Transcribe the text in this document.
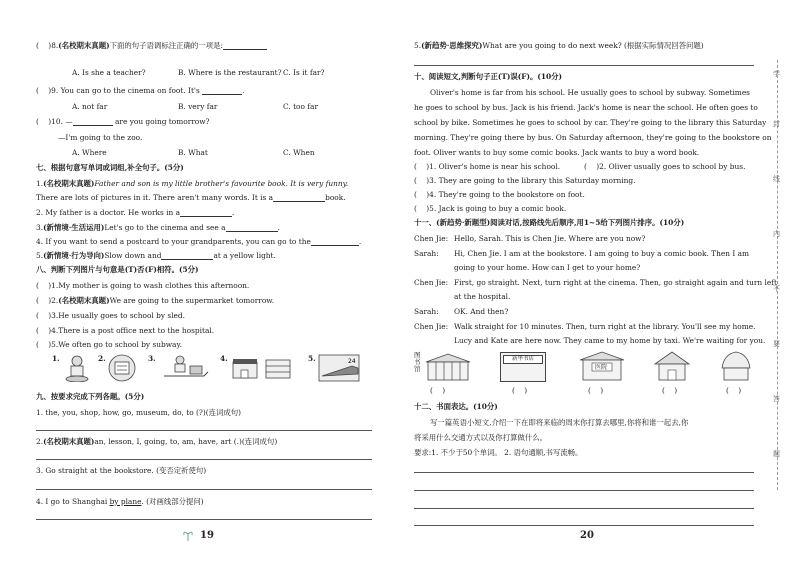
( )8.(名校期末真题)下面的句子语调标注正确的一项是:
A. Is she a teacher?	B. Where is the restaurant? C. Is it far?
(    )9. You can go to the cinema on foot. It's	.
A. not far	B. very far	C. too far
(    )10. —	are you going tomorrow?
—I'm going to the zoo.
A. Where	B. What	C. When
七、根据句意写单词或词组,补全句子。(5分)
1.(名校期末真题)Father and son is my little brother's favourite book. It is very funny.
There are lots of pictures in it. There aren't many words. It is a	book.
2. My father is a doctor. He works in a	.
3.(新情境·生活运用)Let's go to the cinema and see a	.
4. If you want to send a postcard to your grandparents, you can go to the	.
5.(新情境·行为导向)Slow down and	at a yellow light.
八、判断下列图片与句意是(T)否(F)相符。(5分)
(    )1.My mother is going to wash clothes this afternoon.
(    )2.(名校期末真题)We are going to the supermarket tomorrow.
(    )3.He usually goes to school by sled.
(    )4.There is a post office next to the hospital.
(    )5.We often go to school by subway.
1.	2.	3.	4.	5.	24
九、按要求完成下列各题。(5分)
1. the, you, shop, how, go, museum, do, to (?)(连词成句)
2.(名校期末真题)an, lesson, I, going, to, am, have, art (.)(连词成句)
3. Go straight at the bookstore. (变否定祈使句)
4. I go to Shanghai by plane. (对画线部分提问)
19
5.(新趋势·思维探究)What are you going to do next week? (根据实际情况回答问题)
十、阅读短文,判断句子正(T)误(F)。(10分)
Oliver's home is far from his school. He usually goes to school by subway. Sometimes
he goes to school by bus. Jack is his friend. Jack's home is near the school. He often goes to
school by bike. Sometimes he goes to school by car. They're going to the library this Saturday
morning. They're going there by bus. On Saturday afternoon, they're going to the bookstore on
foot. Oliver wants to buy some comic books. Jack wants to buy a word book.
(    )1. Oliver's home is near his school.	(    )2. Oliver usually goes to school by bus.
(    )3. They are going to the library this Saturday morning.
(    )4. They're going to the bookstore on foot.
(    )5. Jack is going to buy a comic book.
十一、(新趋势·新题型)阅读对话,按路线先后顺序,用1~5给下列图片排序。(10分)
Chen Jie: Hello, Sarah. This is Chen Jie. Where are you now?
Sarah: Hi, Chen Jie. I am at the bookstore. I am going to buy a comic book. Then I am
going to your home. How can I get to your home?
Chen Jie: First, go straight. Next, turn right at the cinema. Then, go straight again and turn left
at the hospital.
Sarah: OK. And then?
Chen Jie: Walk straight for 10 minutes. Then, turn right at the library. You'll see my home.
Lucy and Kate are here now. They came to my home by taxi. We're waiting for you.
图书馆
新华书店
医院
(    )	(    )	(    )	(    )	(    )
十二、书面表达。(10分)
写一篇英语小短文,介绍一下在即将来临的周末你打算去哪里,你将和谁一起去,你
将采用什么交通方式以及你打算做什么。
要求:1. 不少于50个单词。 2. 语句通顺,书写流畅。
20
学
封
线
内
不
要
答
题
